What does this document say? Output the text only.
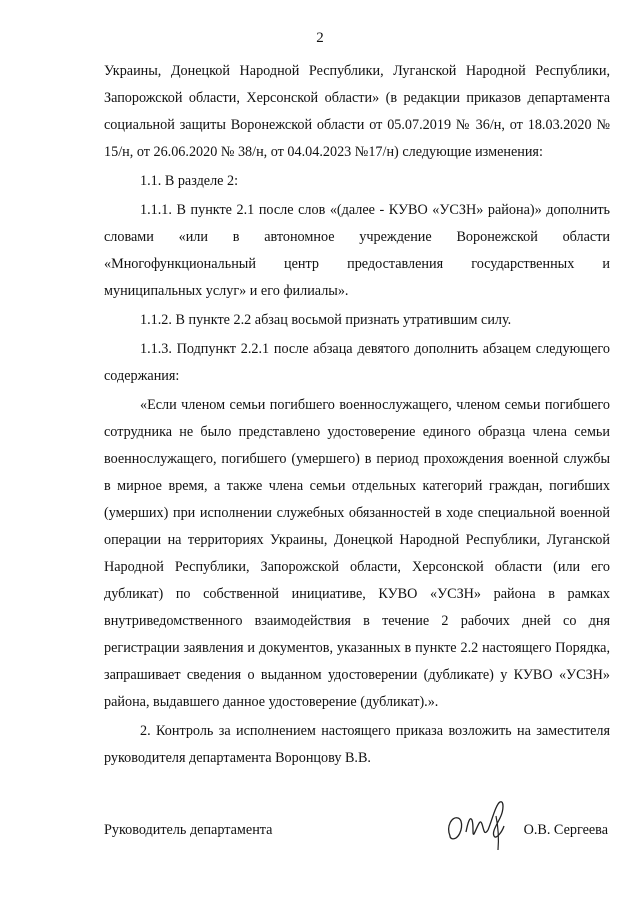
2

Украины, Донецкой Народной Республики, Луганской Народной Республики, Запорожской области, Херсонской области» (в редакции приказов департамента социальной защиты Воронежской области от 05.07.2019 № 36/н, от 18.03.2020 № 15/н, от 26.06.2020 № 38/н, от 04.04.2023 №17/н) следующие изменения:

1.1. В разделе 2:

1.1.1. В пункте 2.1 после слов «(далее - КУВО «УСЗН» района)» дополнить словами «или в автономное учреждение Воронежской области «Многофункциональный центр предоставления государственных и муниципальных услуг» и его филиалы».

1.1.2. В пункте 2.2 абзац восьмой признать утратившим силу.

1.1.3. Подпункт 2.2.1 после абзаца девятого дополнить абзацем следующего содержания:

«Если членом семьи погибшего военнослужащего, членом семьи погибшего сотрудника не было представлено удостоверение единого образца члена семьи военнослужащего, погибшего (умершего) в период прохождения военной службы в мирное время, а также члена семьи отдельных категорий граждан, погибших (умерших) при исполнении служебных обязанностей в ходе специальной военной операции на территориях Украины, Донецкой Народной Республики, Луганской Народной Республики, Запорожской области, Херсонской области (или его дубликат) по собственной инициативе, КУВО «УСЗН» района в рамках внутриведомственного взаимодействия в течение 2 рабочих дней со дня регистрации заявления и документов, указанных в пункте 2.2 настоящего Порядка, запрашивает сведения о выданном удостоверении (дубликате) у КУВО «УСЗН» района, выдавшего данное удостоверение (дубликат).».

2. Контроль за исполнением настоящего приказа возложить на заместителя руководителя департамента Воронцову В.В.

Руководитель департамента	О.В. Сергеева
